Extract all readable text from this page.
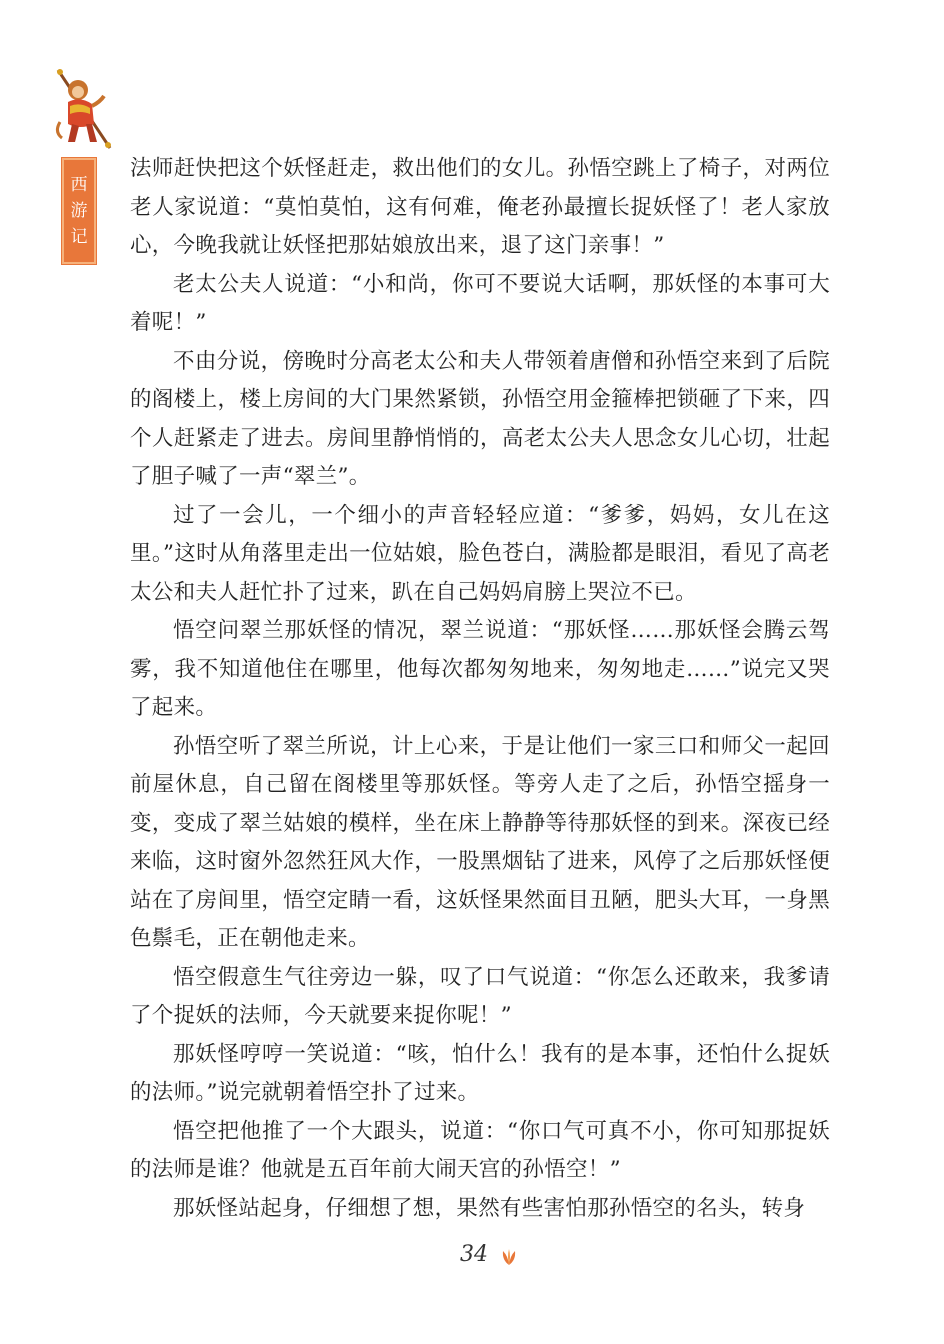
西
游
记

法师赶快把这个妖怪赶走，救出他们的女儿。孙悟空跳上了椅子，对两位老人家说道：“莫怕莫怕，这有何难，俺老孙最擅长捉妖怪了！老人家放心，今晚我就让妖怪把那姑娘放出来，退了这门亲事！”

老太公夫人说道：“小和尚，你可不要说大话啊，那妖怪的本事可大着呢！”

不由分说，傍晚时分高老太公和夫人带领着唐僧和孙悟空来到了后院的阁楼上，楼上房间的大门果然紧锁，孙悟空用金箍棒把锁砸了下来，四个人赶紧走了进去。房间里静悄悄的，高老太公夫人思念女儿心切，壮起了胆子喊了一声“翠兰”。

过了一会儿，一个细小的声音轻轻应道：“爹爹，妈妈，女儿在这里。”这时从角落里走出一位姑娘，脸色苍白，满脸都是眼泪，看见了高老太公和夫人赶忙扑了过来，趴在自己妈妈肩膀上哭泣不已。

悟空问翠兰那妖怪的情况，翠兰说道：“那妖怪……那妖怪会腾云驾雾，我不知道他住在哪里，他每次都匆匆地来，匆匆地走……”说完又哭了起来。

孙悟空听了翠兰所说，计上心来，于是让他们一家三口和师父一起回前屋休息，自己留在阁楼里等那妖怪。等旁人走了之后，孙悟空摇身一变，变成了翠兰姑娘的模样，坐在床上静静等待那妖怪的到来。深夜已经来临，这时窗外忽然狂风大作，一股黑烟钻了进来，风停了之后那妖怪便站在了房间里，悟空定睛一看，这妖怪果然面目丑陋，肥头大耳，一身黑色鬃毛，正在朝他走来。

悟空假意生气往旁边一躲，叹了口气说道：“你怎么还敢来，我爹请了个捉妖的法师，今天就要来捉你呢！”

那妖怪哼哼一笑说道：“咳，怕什么！我有的是本事，还怕什么捉妖的法师。”说完就朝着悟空扑了过来。

悟空把他推了一个大跟头，说道：“你口气可真不小，你可知那捉妖的法师是谁？他就是五百年前大闹天宫的孙悟空！”

那妖怪站起身，仔细想了想，果然有些害怕那孙悟空的名头，转身

34
